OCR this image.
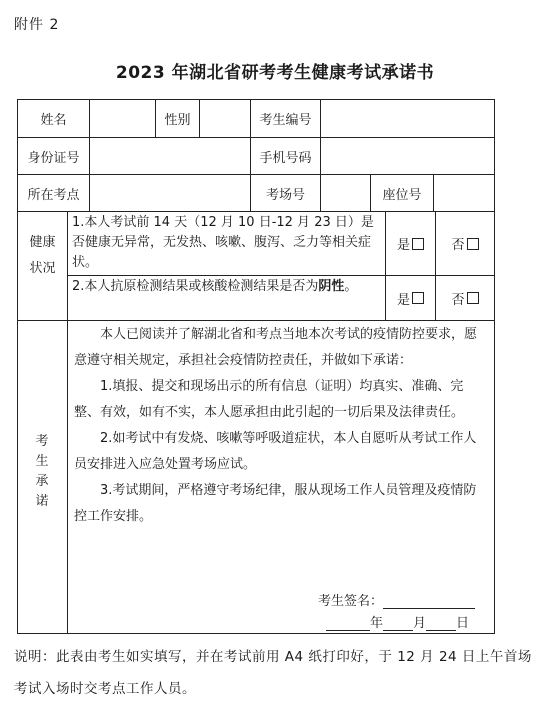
附件 2
2023 年湖北省研考考生健康考试承诺书
姓名	性别	考生编号
身份证号	手机号码
所在考点	考场号	座位号
健康
状况
1.本人考试前 14 天（12 月 10 日-12 月 23 日）是否健康无异常，无发热、咳嗽、腹泻、乏力等相关症状。
是	否
2.本人抗原检测结果或核酸检测结果是否为阴性。
是	否
考
生
承
诺

本人已阅读并了解湖北省和考点当地本次考试的疫情防控要求，愿意遵守相关规定，承担社会疫情防控责任，并做如下承诺：

1.填报、提交和现场出示的所有信息（证明）均真实、准确、完整、有效，如有不实，本人愿承担由此引起的一切后果及法律责任。

2.如考试中有发烧、咳嗽等呼吸道症状，本人自愿听从考试工作人员安排进入应急处置考场应试。

3.考试期间，严格遵守考场纪律，服从现场工作人员管理及疫情防控工作安排。

考生签名：
年 月 日
说明：此表由考生如实填写，并在考试前用 A4 纸打印好，于 12 月 24 日上午首场考试入场时交考点工作人员。
